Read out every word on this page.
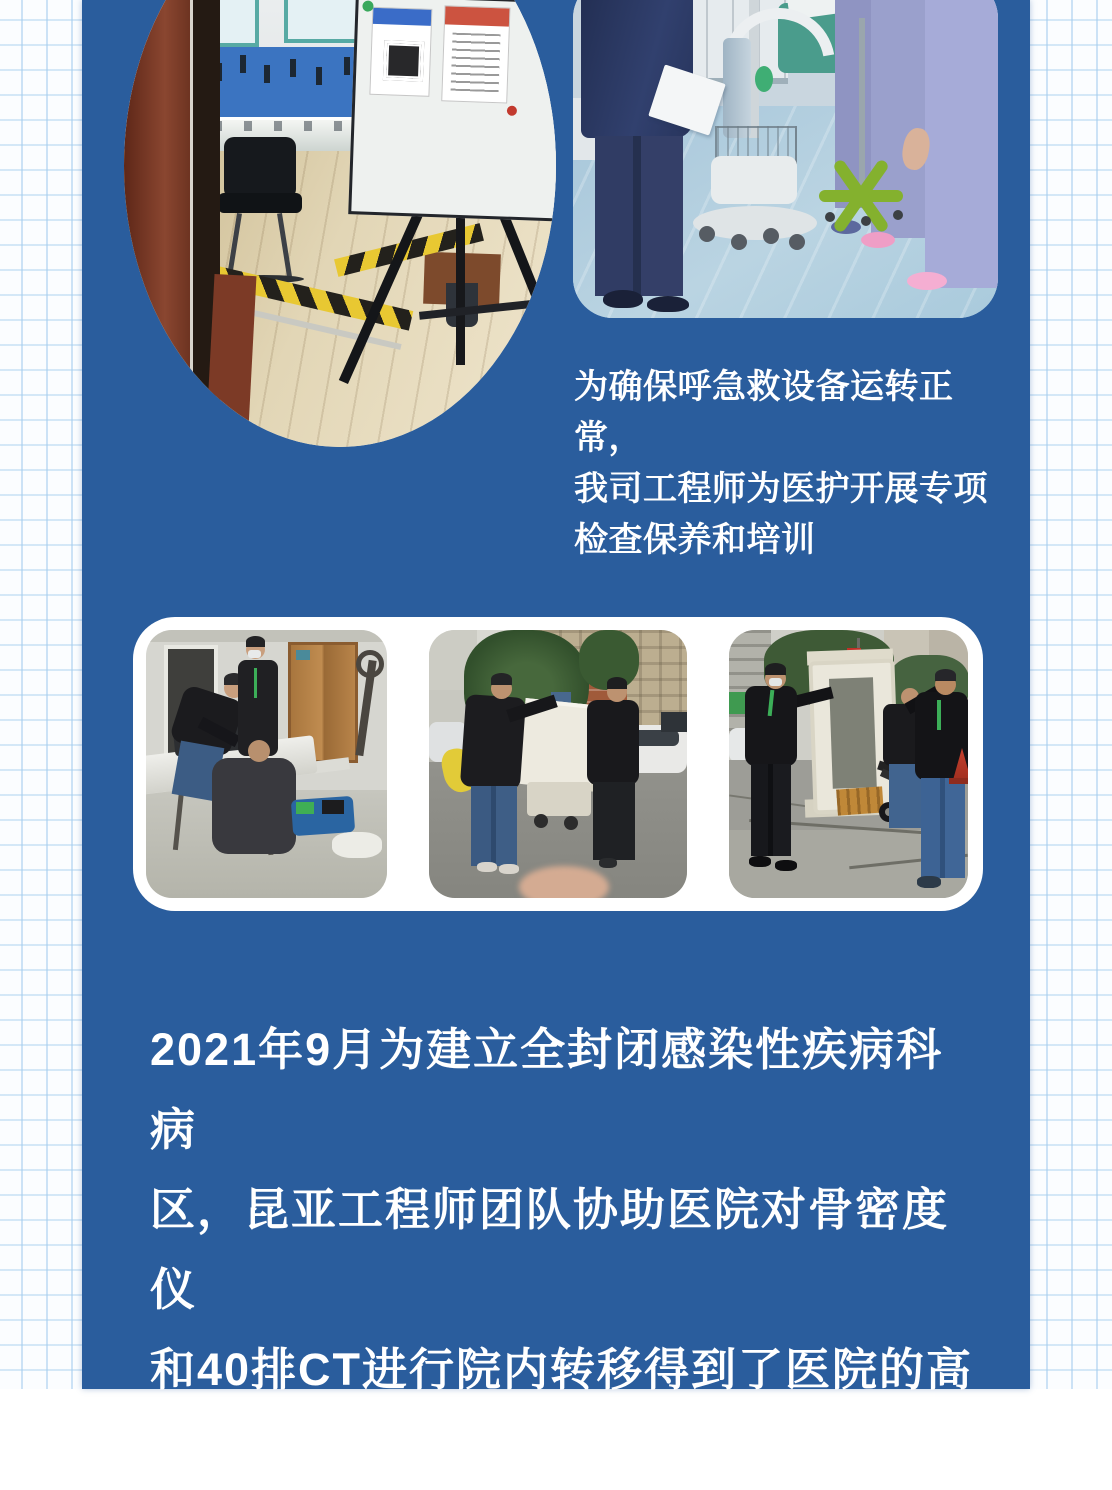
为确保呼急救设备运转正常，
我司工程师为医护开展专项
检查保养和培训
2021年9月为建立全封闭感染性疾病科病
区，昆亚工程师团队协助医院对骨密度仪
和40排CT进行院内转移得到了医院的高
度认可！
